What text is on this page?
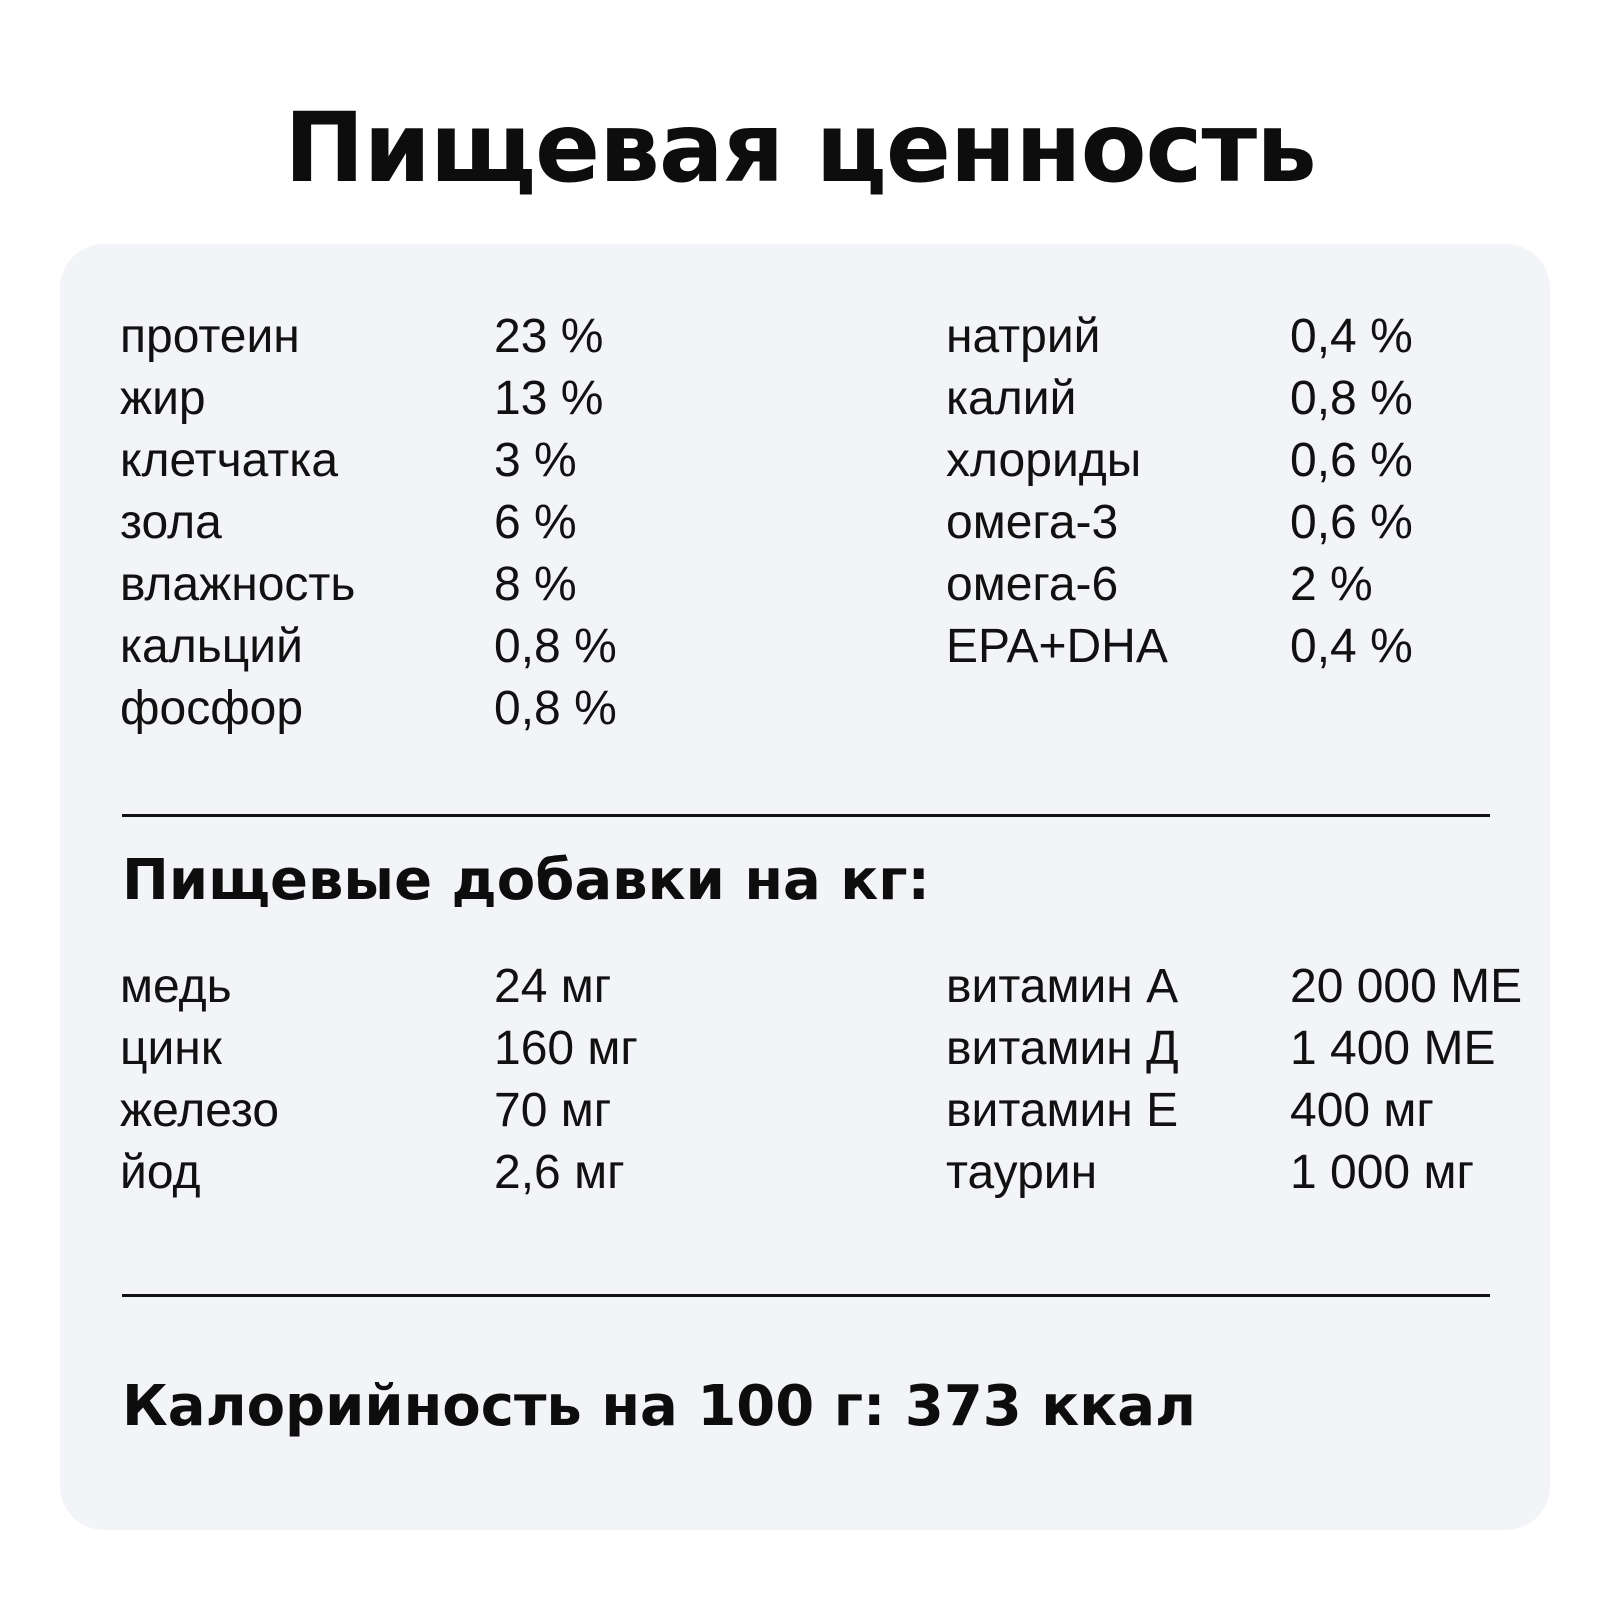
Пищевая ценность
протеин	23 %	натрий	0,4 %
жир	13 %	калий	0,8 %
клетчатка	3 %	хлориды	0,6 %
зола	6 %	омега-3	0,6 %
влажность	8 %	омега-6	2 %
кальций	0,8 %	EPA+DHA	0,4 %
фосфор	0,8 %
Пищевые добавки на кг:
медь	24 мг	витамин А 20 000 МЕ
цинк	160 мг	витамин Д 1 400 МЕ
железо	70 мг	витамин Е 400 мг
йод	2,6 мг	таурин	1 000 мг
Калорийность на 100 г: 373 ккал
